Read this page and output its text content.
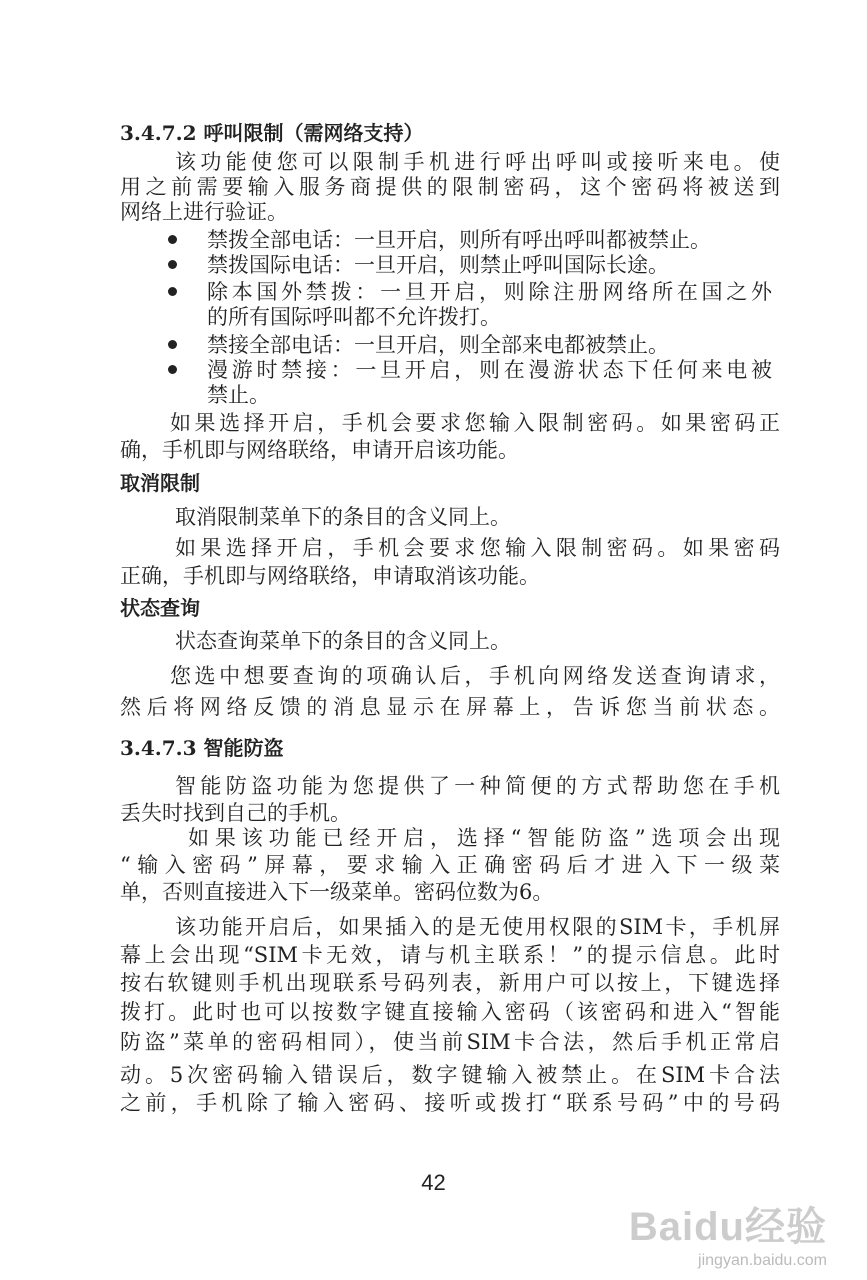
3.4.7.2 呼叫限制（需网络支持）
该功能使您可以限制手机进行呼出呼叫或接听来电。使
用之前需要输入服务商提供的限制密码，这个密码将被送到
网络上进行验证。
禁拨全部电话：一旦开启，则所有呼出呼叫都被禁止。
禁拨国际电话：一旦开启，则禁止呼叫国际长途。
除本国外禁拨：一旦开启，则除注册网络所在国之外
的所有国际呼叫都不允许拨打。
禁接全部电话：一旦开启，则全部来电都被禁止。
漫游时禁接：一旦开启，则在漫游状态下任何来电被
禁止。
如果选择开启，手机会要求您输入限制密码。如果密码正
确，手机即与网络联络，申请开启该功能。
取消限制
取消限制菜单下的条目的含义同上。
如果选择开启，手机会要求您输入限制密码。如果密码
正确，手机即与网络联络，申请取消该功能。
状态查询
状态查询菜单下的条目的含义同上。
您选中想要查询的项确认后，手机向网络发送查询请求，
然后将网络反馈的消息显示在屏幕上，告诉您当前状态。
3.4.7.3 智能防盗
智能防盗功能为您提供了一种简便的方式帮助您在手机
丢失时找到自己的手机。
如果该功能已经开启，选择“智能防盗”选项会出现
“输入密码”屏幕，要求输入正确密码后才进入下一级菜
单，否则直接进入下一级菜单。密码位数为6。
该功能开启后，如果插入的是无使用权限的SIM卡，手机屏
幕上会出现“SIM卡无效，请与机主联系！”的提示信息。此时
按右软键则手机出现联系号码列表，新用户可以按上，下键选择
拨打。此时也可以按数字键直接输入密码（该密码和进入“智能
防盗”菜单的密码相同），使当前SIM卡合法，然后手机正常启
动。5次密码输入错误后，数字键输入被禁止。在SIM卡合法
之前，手机除了输入密码、接听或拨打“联系号码”中的号码
42
Baidu经验
jingyan.baidu.com
